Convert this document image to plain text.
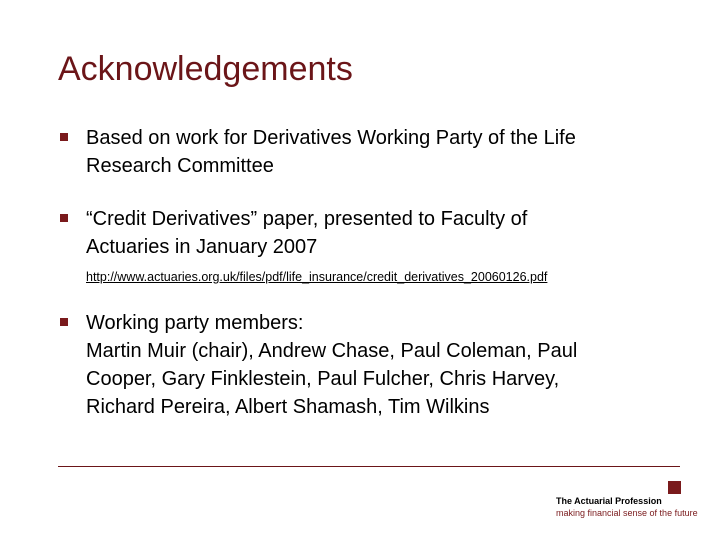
Acknowledgements
Based on work for Derivatives Working Party of the Life
Research Committee
“Credit Derivatives” paper, presented to Faculty of
Actuaries in January 2007
http://www.actuaries.org.uk/files/pdf/life_insurance/credit_derivatives_20060126.pdf
Working party members:
Martin Muir (chair), Andrew Chase, Paul Coleman, Paul
Cooper, Gary Finklestein, Paul Fulcher, Chris Harvey,
Richard Pereira, Albert Shamash, Tim Wilkins
The Actuarial Profession
making financial sense of the future
